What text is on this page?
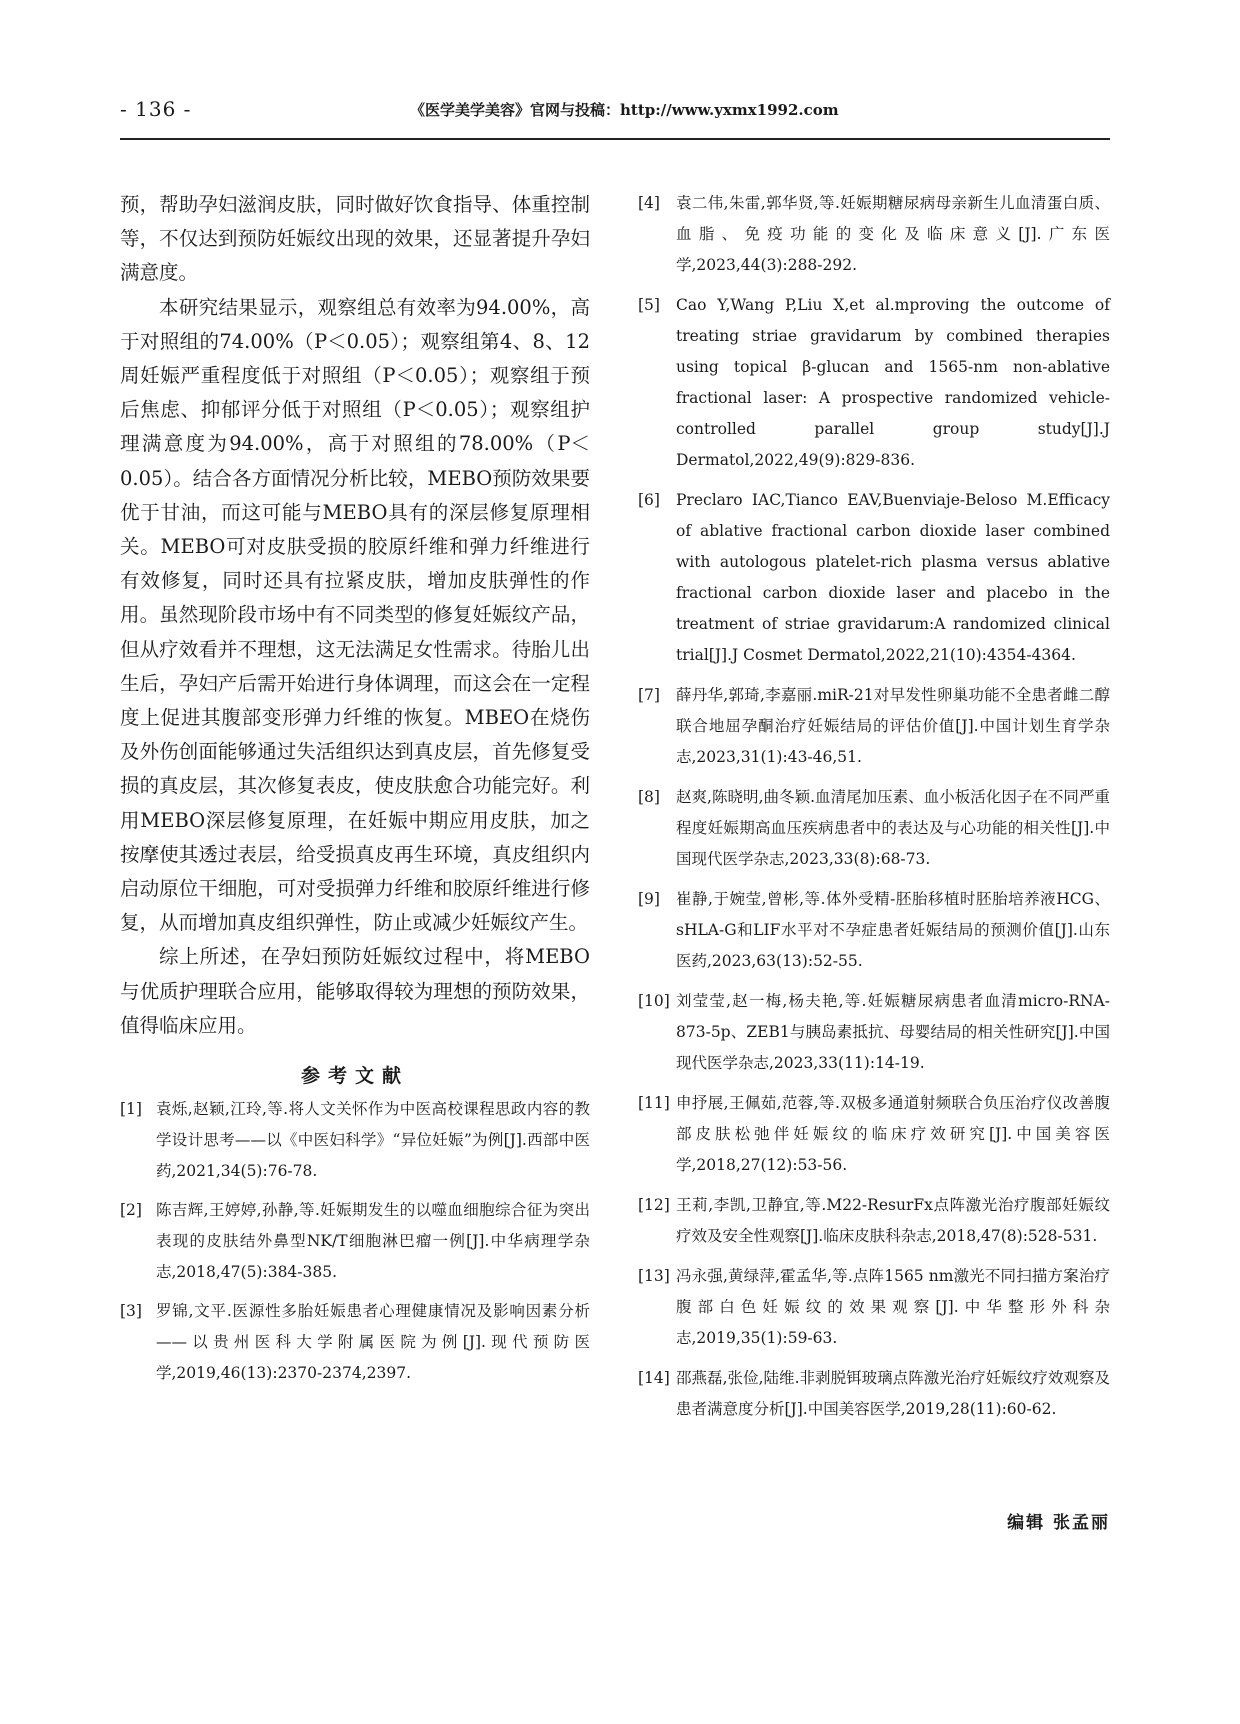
- 136 -	《医学美学美容》官网与投稿：http://www.yxmx1992.com

预，帮助孕妇滋润皮肤，同时做好饮食指导、体重控制等，不仅达到预防妊娠纹出现的效果，还显著提升孕妇满意度。

本研究结果显示，观察组总有效率为94.00%，高于对照组的74.00%（P＜0.05）；观察组第4、8、12周妊娠严重程度低于对照组（P＜0.05）；观察组于预后焦虑、抑郁评分低于对照组（P＜0.05）；观察组护理满意度为94.00%，高于对照组的78.00%（P＜0.05）。结合各方面情况分析比较，MEBO预防效果要优于甘油，而这可能与MEBO具有的深层修复原理相关。MEBO可对皮肤受损的胶原纤维和弹力纤维进行有效修复，同时还具有拉紧皮肤，增加皮肤弹性的作用。虽然现阶段市场中有不同类型的修复妊娠纹产品，但从疗效看并不理想，这无法满足女性需求。待胎儿出生后，孕妇产后需开始进行身体调理，而这会在一定程度上促进其腹部变形弹力纤维的恢复。MBEO在烧伤及外伤创面能够通过失活组织达到真皮层，首先修复受损的真皮层，其次修复表皮，使皮肤愈合功能完好。利用MEBO深层修复原理，在妊娠中期应用皮肤，加之按摩使其透过表层，给受损真皮再生环境，真皮组织内启动原位干细胞，可对受损弹力纤维和胶原纤维进行修复，从而增加真皮组织弹性，防止或减少妊娠纹产生。

综上所述，在孕妇预防妊娠纹过程中，将MEBO与优质护理联合应用，能够取得较为理想的预防效果，值得临床应用。

参考文献
[1] 袁烁,赵颖,江玲,等.将人文关怀作为中医高校课程思政内容的教学设计思考——以《中医妇科学》“异位妊娠”为例[J].西部中医药,2021,34(5):76-78.
[2] 陈吉辉,王婷婷,孙静,等.妊娠期发生的以噬血细胞综合征为突出表现的皮肤结外鼻型NK/T细胞淋巴瘤一例[J].中华病理学杂志,2018,47(5):384-385.
[3] 罗锦,文平.医源性多胎妊娠患者心理健康情况及影响因素分析——以贵州医科大学附属医院为例[J].现代预防医学,2019,46(13):2370-2374,2397.
[4] 袁二伟,朱雷,郭华贤,等.妊娠期糖尿病母亲新生儿血清蛋白质、血脂、免疫功能的变化及临床意义[J].广东医学,2023,44(3):288-292.
[5] Cao Y,Wang P,Liu X,et al.mproving the outcome of treating striae gravidarum by combined therapies using topical β-glucan and 1565-nm non-ablative fractional laser: A prospective randomized vehicle-controlled parallel group study[J].J Dermatol,2022,49(9):829-836.
[6] Preclaro IAC,Tianco EAV,Buenviaje-Beloso M.Efficacy of ablative fractional carbon dioxide laser combined with autologous platelet-rich plasma versus ablative fractional carbon dioxide laser and placebo in the treatment of striae gravidarum:A randomized clinical trial[J].J Cosmet Dermatol,2022,21(10):4354-4364.
[7] 薛丹华,郭琦,李嘉丽.miR-21对早发性卵巢功能不全患者雌二醇联合地屈孕酮治疗妊娠结局的评估价值[J].中国计划生育学杂志,2023,31(1):43-46,51.
[8] 赵爽,陈晓明,曲冬颖.血清尾加压素、血小板活化因子在不同严重程度妊娠期高血压疾病患者中的表达及与心功能的相关性[J].中国现代医学杂志,2023,33(8):68-73.
[9] 崔静,于婉莹,曾彬,等.体外受精-胚胎移植时胚胎培养液HCG、sHLA-G和LIF水平对不孕症患者妊娠结局的预测价值[J].山东医药,2023,63(13):52-55.
[10] 刘莹莹,赵一梅,杨夫艳,等.妊娠糖尿病患者血清micro-RNA-873-5p、ZEB1与胰岛素抵抗、母婴结局的相关性研究[J].中国现代医学杂志,2023,33(11):14-19.
[11] 申抒展,王佩茹,范蓉,等.双极多通道射频联合负压治疗仪改善腹部皮肤松弛伴妊娠纹的临床疗效研究[J].中国美容医学,2018,27(12):53-56.
[12] 王莉,李凯,卫静宜,等.M22-ResurFx点阵激光治疗腹部妊娠纹疗效及安全性观察[J].临床皮肤科杂志,2018,47(8):528-531.
[13] 冯永强,黄绿萍,霍孟华,等.点阵1565 nm激光不同扫描方案治疗腹部白色妊娠纹的效果观察[J].中华整形外科杂志,2019,35(1):59-63.
[14] 邵燕磊,张俭,陆维.非剥脱铒玻璃点阵激光治疗妊娠纹疗效观察及患者满意度分析[J].中国美容医学,2019,28(11):60-62.
编辑 张孟丽
